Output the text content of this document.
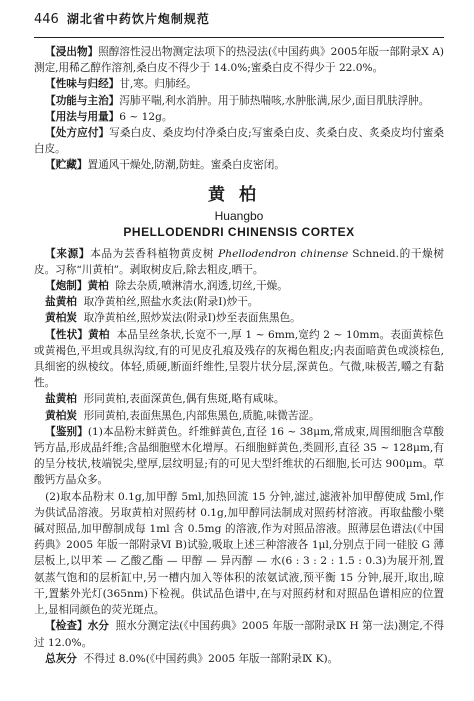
446 湖北省中药饮片炮制规范

【浸出物】照醇溶性浸出物测定法项下的热浸法(《中国药典》2005年版一部附录Ⅹ A)测定,用稀乙醇作溶剂,桑白皮不得少于 14.0%;蜜桑白皮不得少于 22.0%。

【性味与归经】甘,寒。归肺经。

【功能与主治】泻肺平喘,利水消肿。用于肺热喘咳,水肿胀满,尿少,面目肌肤浮肿。

【用法与用量】6 ~ 12g。

【处方应付】写桑白皮、桑皮均付净桑白皮;写蜜桑白皮、炙桑白皮、炙桑皮均付蜜桑白皮。

【贮藏】置通风干燥处,防潮,防蛀。蜜桑白皮密闭。

黄柏
Huangbo
PHELLODENDRI CHINENSIS CORTEX

【来源】本品为芸香科植物黄皮树 Phellodendron chinense Schneid.的干燥树皮。习称“川黄柏”。剥取树皮后,除去粗皮,晒干。

【炮制】黄柏 除去杂质,喷淋清水,润透,切丝,干燥。

盐黄柏 取净黄柏丝,照盐水炙法(附录Ⅰ)炒干。

黄柏炭 取净黄柏丝,照炒炭法(附录Ⅰ)炒至表面焦黑色。

【性状】黄柏 本品呈丝条状,长宽不一,厚 1 ~ 6mm,宽约 2 ~ 10mm。表面黄棕色或黄褐色,平坦或具纵沟纹,有的可见皮孔痕及残存的灰褐色粗皮;内表面暗黄色或淡棕色,具细密的纵棱纹。体轻,质硬,断面纤维性,呈裂片状分层,深黄色。气微,味极苦,嚼之有黏性。

盐黄柏 形同黄柏,表面深黄色,偶有焦斑,略有咸味。

黄柏炭 形同黄柏,表面焦黑色,内部焦黑色,质脆,味微苦涩。

【鉴别】(1)本品粉末鲜黄色。纤维鲜黄色,直径 16 ~ 38μm,常成束,周围细胞含草酸钙方晶,形成晶纤维;含晶细胞壁木化增厚。石细胞鲜黄色,类圆形,直径 35 ~ 128μm,有的呈分枝状,枝端锐尖,壁厚,层纹明显;有的可见大型纤维状的石细胞,长可达 900μm。草酸钙方晶众多。

(2)取本品粉末 0.1g,加甲醇 5ml,加热回流 15 分钟,滤过,滤液补加甲醇使成 5ml,作为供试品溶液。另取黄柏对照药材 0.1g,加甲醇同法制成对照药材溶液。再取盐酸小檗碱对照品,加甲醇制成每 1ml 含 0.5mg 的溶液,作为对照品溶液。照薄层色谱法(《中国药典》2005 年版一部附录Ⅵ B)试验,吸取上述三种溶液各 1μl,分别点于同一硅胶 G 薄层板上,以甲苯 — 乙酸乙酯 — 甲醇 — 异丙醇 — 水(6 : 3 : 2 : 1.5 : 0.3)为展开剂,置氨蒸气饱和的层析缸中,另一槽内加入等体积的浓氨试液,预平衡 15 分钟,展开,取出,晾干,置紫外光灯(365nm)下检视。供试品色谱中,在与对照药材和对照品色谱相应的位置上,显相同颜色的荧光斑点。

【检查】水分 照水分测定法(《中国药典》2005 年版一部附录Ⅸ H 第一法)测定,不得过 12.0%。

总灰分 不得过 8.0%(《中国药典》2005 年版一部附录Ⅸ K)。
